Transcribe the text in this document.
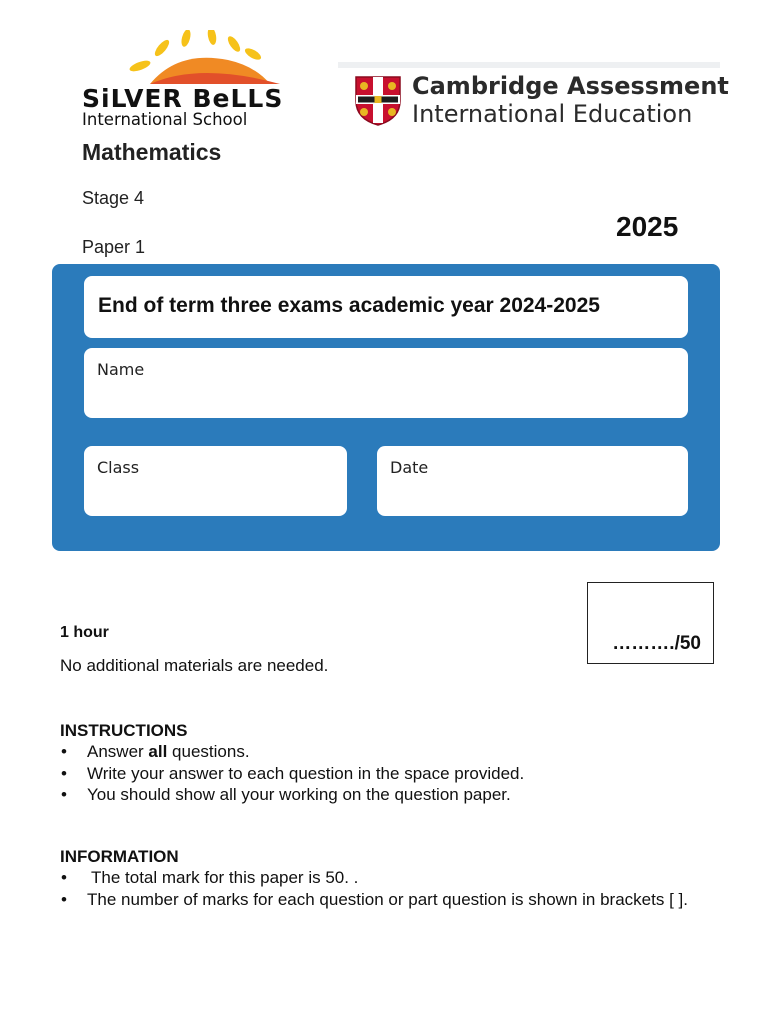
SiLVER BeLLS
International School
Cambridge Assessment
International Education
Mathematics
Stage 4
Paper 1
2025
End of term three exams academic year 2024-2025
Name
Class	Date
1 hour
No additional materials are needed.
………./50
INSTRUCTIONS
• Answer all questions.
• Write your answer to each question in the space provided.
• You should show all your working on the question paper.
INFORMATION
• The total mark for this paper is 50. .
• The number of marks for each question or part question is shown in brackets [ ].
